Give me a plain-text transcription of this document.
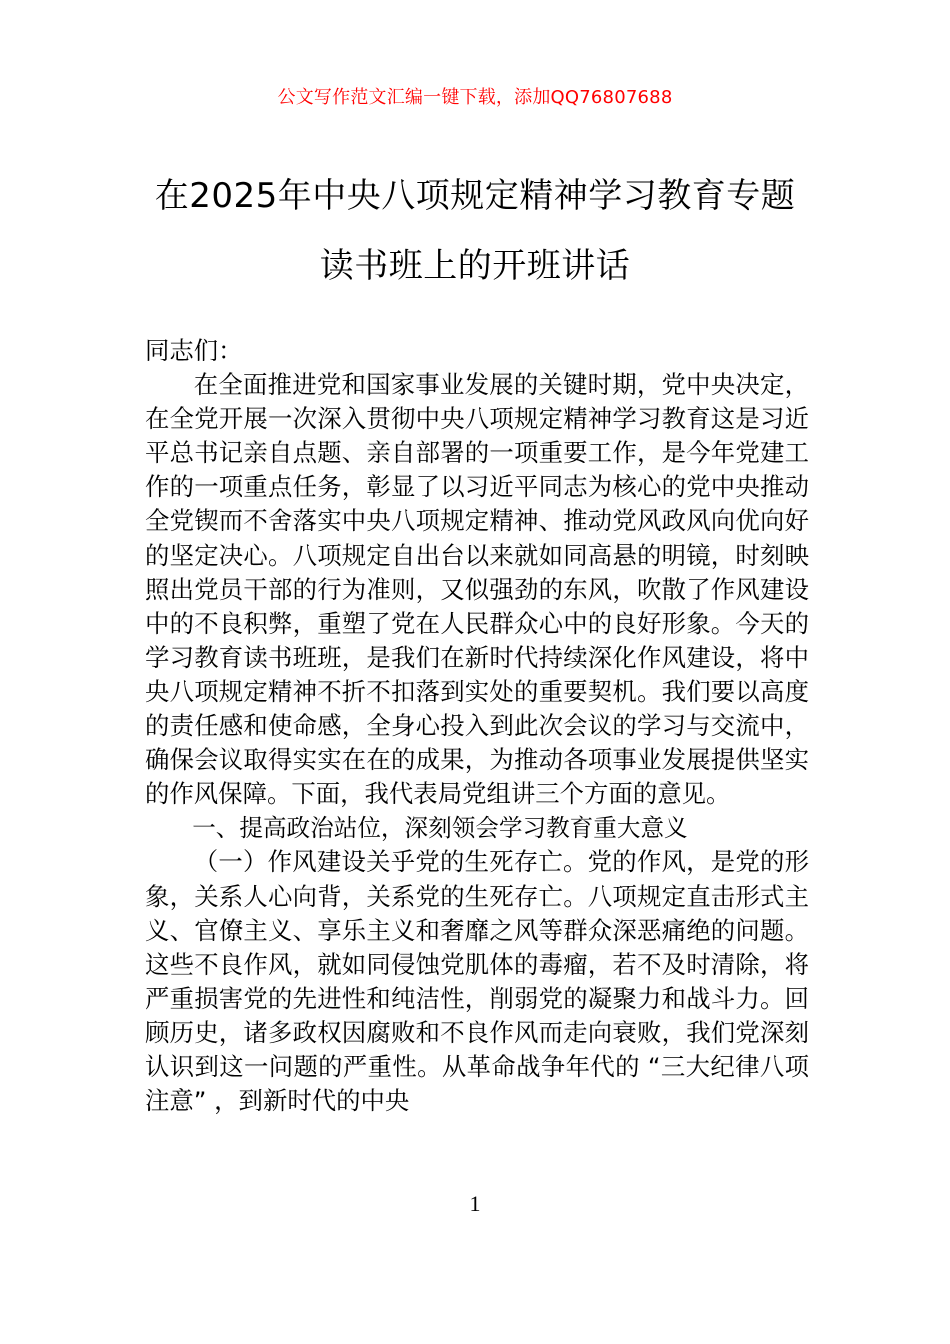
公文写作范文汇编一键下载，添加QQ76807688
在2025年中央八项规定精神学习教育专题
读书班上的开班讲话

同志们：

在全面推进党和国家事业发展的关键时期，党中央决定，在全党开展一次深入贯彻中央八项规定精神学习教育这是习近平总书记亲自点题、亲自部署的一项重要工作，是今年党建工作的一项重点任务，彰显了以习近平同志为核心的党中央推动全党锲而不舍落实中央八项规定精神、推动党风政风向优向好的坚定决心。八项规定自出台以来就如同高悬的明镜，时刻映照出党员干部的行为准则，又似强劲的东风，吹散了作风建设中的不良积弊，重塑了党在人民群众心中的良好形象。今天的学习教育读书班班，是我们在新时代持续深化作风建设，将中央八项规定精神不折不扣落到实处的重要契机。我们要以高度的责任感和使命感，全身心投入到此次会议的学习与交流中，确保会议取得实实在在的成果，为推动各项事业发展提供坚实的作风保障。下面，我代表局党组讲三个方面的意见。

一、提高政治站位，深刻领会学习教育重大意义

（一）作风建设关乎党的生死存亡。党的作风，是党的形象，关系人心向背，关系党的生死存亡。八项规定直击形式主义、官僚主义、享乐主义和奢靡之风等群众深恶痛绝的问题。这些不良作风，就如同侵蚀党肌体的毒瘤，若不及时清除，将严重损害党的先进性和纯洁性，削弱党的凝聚力和战斗力。回顾历史，诸多政权因腐败和不良作风而走向衰败，我们党深刻认识到这一问题的严重性。从革命战争年代的 “三大纪律八项注意” ，到新时代的中央

1
